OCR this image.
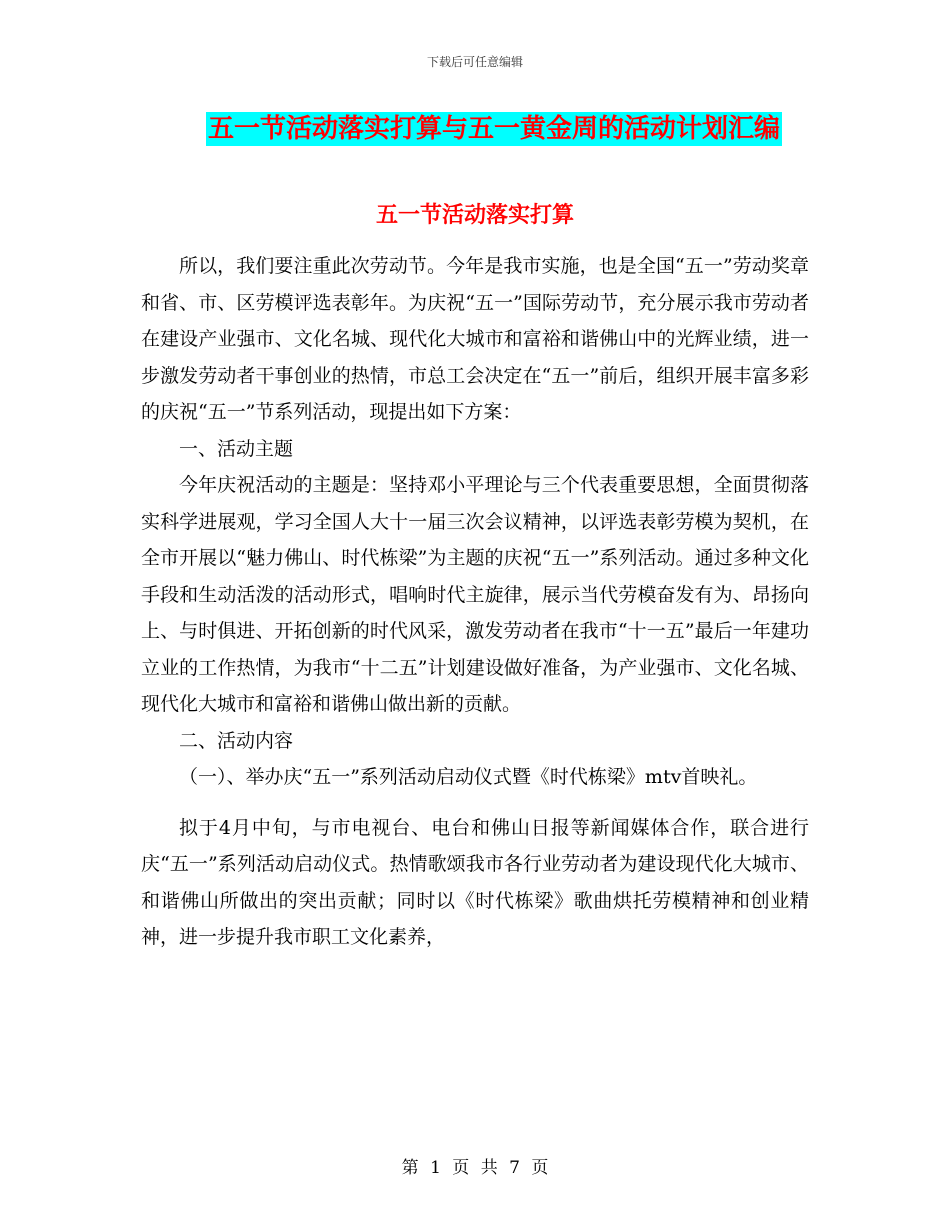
下载后可任意编辑
五一节活动落实打算与五一黄金周的活动计划汇编
五一节活动落实打算

所以，我们要注重此次劳动节。今年是我市实施，也是全国“五一”劳动奖章和省、市、区劳模评选表彰年。为庆祝“五一”国际劳动节，充分展示我市劳动者在建设产业强市、文化名城、现代化大城市和富裕和谐佛山中的光辉业绩，进一步激发劳动者干事创业的热情，市总工会决定在“五一”前后，组织开展丰富多彩的庆祝“五一”节系列活动，现提出如下方案：

一、活动主题

今年庆祝活动的主题是：坚持邓小平理论与三个代表重要思想，全面贯彻落实科学进展观，学习全国人大十一届三次会议精神，以评选表彰劳模为契机，在全市开展以“魅力佛山、时代栋梁”为主题的庆祝“五一”系列活动。通过多种文化手段和生动活泼的活动形式，唱响时代主旋律，展示当代劳模奋发有为、昂扬向上、与时俱进、开拓创新的时代风采，激发劳动者在我市“十一五”最后一年建功立业的工作热情，为我市“十二五”计划建设做好准备，为产业强市、文化名城、现代化大城市和富裕和谐佛山做出新的贡献。

二、活动内容

（一）、举办庆“五一”系列活动启动仪式暨《时代栋梁》mtv首映礼。

拟于4月中旬，与市电视台、电台和佛山日报等新闻媒体合作，联合进行庆“五一”系列活动启动仪式。热情歌颂我市各行业劳动者为建设现代化大城市、和谐佛山所做出的突出贡献；同时以《时代栋梁》歌曲烘托劳模精神和创业精神，进一步提升我市职工文化素养，

第 1 页 共 7 页
